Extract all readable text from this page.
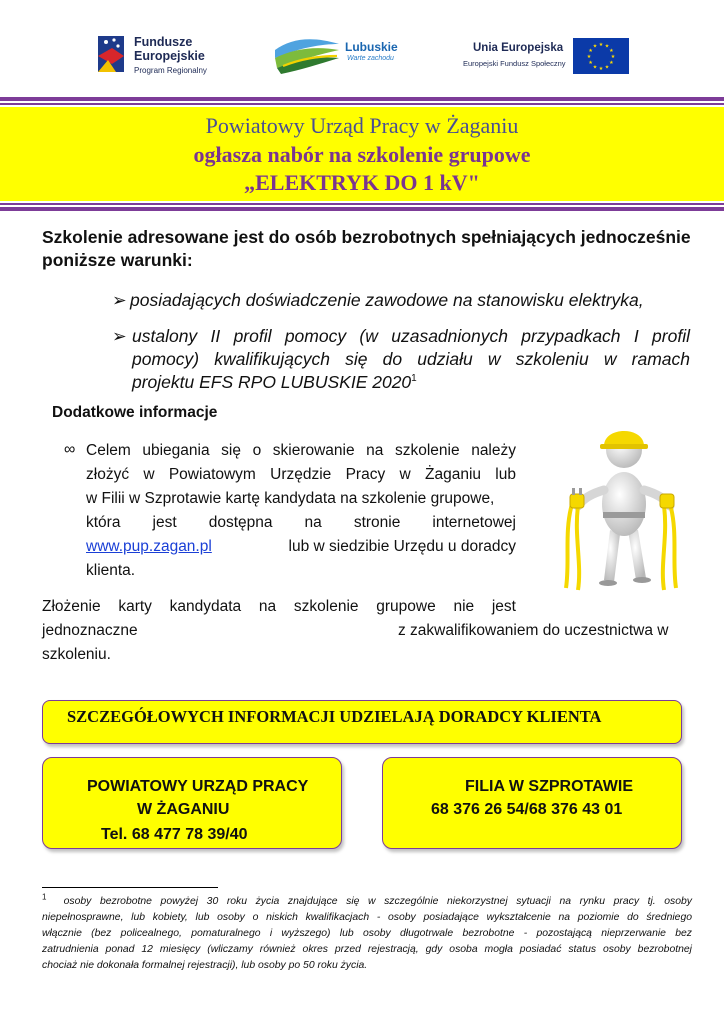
Fundusze
Europejskie
Program Regionalny
Lubuskie
Warte zachodu
Unia Europejska
Europejski Fundusz Społeczny
★ ★
★
★
★
★
★
★
★
★
★
★
Powiatowy Urząd Pracy w Żaganiu
ogłasza nabór na szkolenie grupowe
„ELEKTRYK DO 1 kV"
Szkolenie adresowane jest do osób bezrobotnych spełniających jednocześnie
poniższe warunki:
➢ posiadających doświadczenie zawodowe na stanowisku elektryka,
➢ ustalony II profil pomocy (w uzasadnionych przypadkach I profil
pomocy) kwalifikujących się do udziału w szkoleniu w ramach
projektu EFS RPO LUBUSKIE 2020$^1$
Dodatkowe informacje
∞ Celem ubiegania się o skierowanie na szkolenie należy
złożyć w Powiatowym Urzędzie Pracy w Żaganiu lub
w Filii w Szprotawie kartę kandydata na szkolenie grupowe,
która jest dostępna na stronie internetowej
www.pup.zagan.pl	lub w siedzibie Urzędu u doradcy
klienta.
Złożenie karty kandydata na szkolenie grupowe nie jest
jednoznaczne	z zakwalifikowaniem do uczestnictwa w
szkoleniu.
SZCZEGÓŁOWYCH INFORMACJI UDZIELAJĄ DORADCY KLIENTA
POWIATOWY URZĄD PRACY
W ŻAGANIU
Tel. 68 477 78 39/40
FILIA W SZPROTAWIE
68 376 26 54/68 376 43 01
$^1$ osoby bezrobotne powyżej 30 roku życia znajdujące się w szczególnie niekorzystnej sytuacji na rynku pracy tj. osoby
niepełnosprawne, lub kobiety, lub osoby o niskich kwalifikacjach - osoby posiadające wykształcenie na poziomie do średniego
włącznie (bez policealnego, pomaturalnego i wyższego) lub osoby długotrwale bezrobotne - pozostającą nieprzerwanie bez
zatrudnienia ponad 12 miesięcy (wliczamy również okres przed rejestracją, gdy osoba mogła posiadać status osoby bezrobotnej
chociaż nie dokonała formalnej rejestracji), lub osoby po 50 roku życia.
